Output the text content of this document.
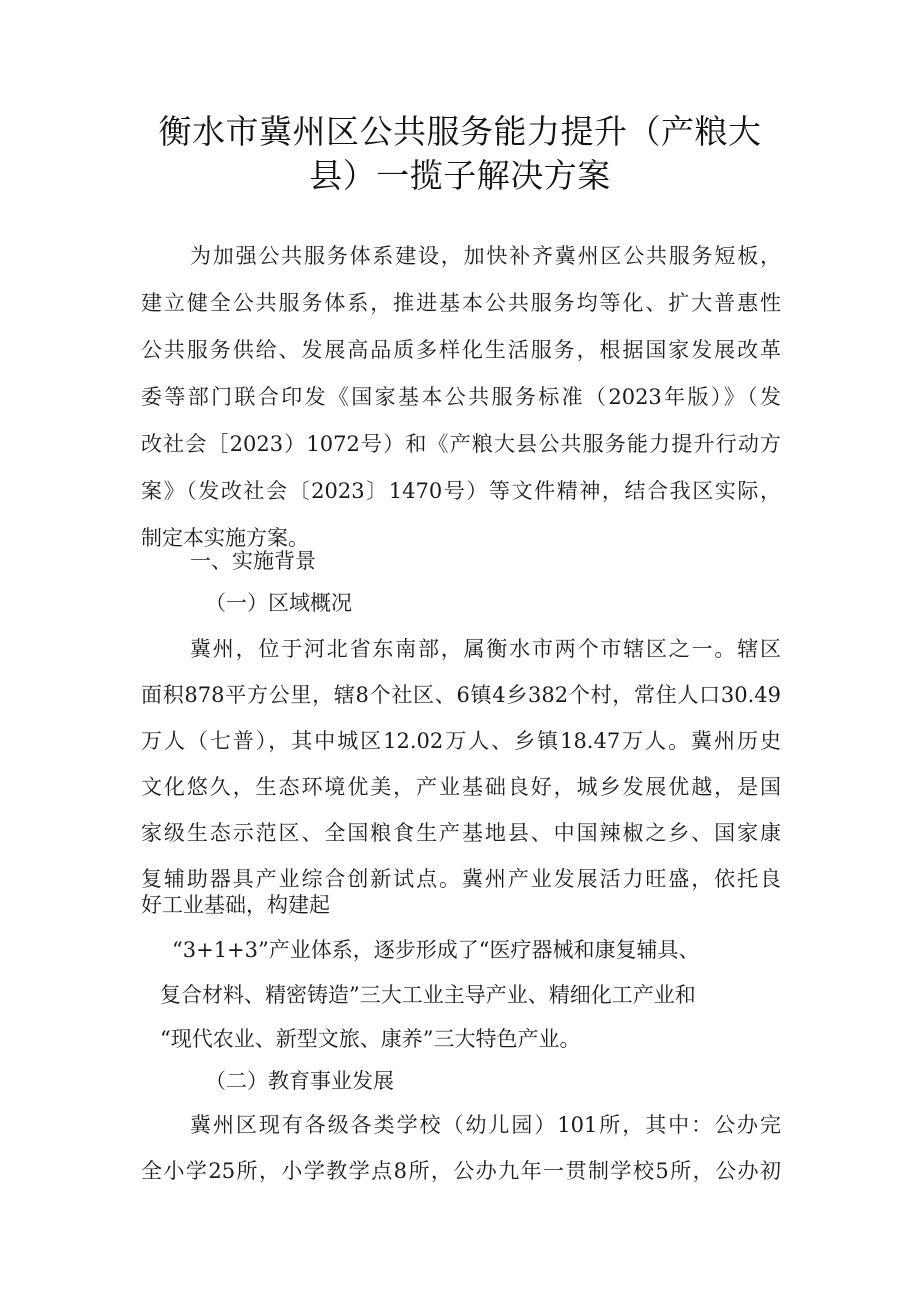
衡水市冀州区公共服务能力提升（产粮大
县）一揽子解决方案
为加强公共服务体系建设，加快补齐冀州区公共服务短板，
建立健全公共服务体系，推进基本公共服务均等化、扩大普惠性
公共服务供给、发展高品质多样化生活服务，根据国家发展改革
委等部门联合印发《国家基本公共服务标准（2023年版）》（发
改社会［2023）1072号）和《产粮大县公共服务能力提升行动方
案》（发改社会〔2023〕1470号）等文件精神，结合我区实际，
制定本实施方案。
一、实施背景
（一）区域概况
冀州，位于河北省东南部，属衡水市两个市辖区之一。辖区
面积878平方公里，辖8个社区、6镇4乡382个村，常住人口30.49
万人（七普），其中城区12.02万人、乡镇18.47万人。冀州历史
文化悠久，生态环境优美，产业基础良好，城乡发展优越，是国
家级生态示范区、全国粮食生产基地县、中国辣椒之乡、国家康
复辅助器具产业综合创新试点。冀州产业发展活力旺盛，依托良
好工业基础，构建起
“3+1+3”产业体系，逐步形成了“医疗器械和康复辅具、
复合材料、精密铸造”三大工业主导产业、精细化工产业和
“现代农业、新型文旅、康养”三大特色产业。
（二）教育事业发展
冀州区现有各级各类学校（幼儿园）101所，其中：公办完
全小学25所，小学教学点8所，公办九年一贯制学校5所，公办初
